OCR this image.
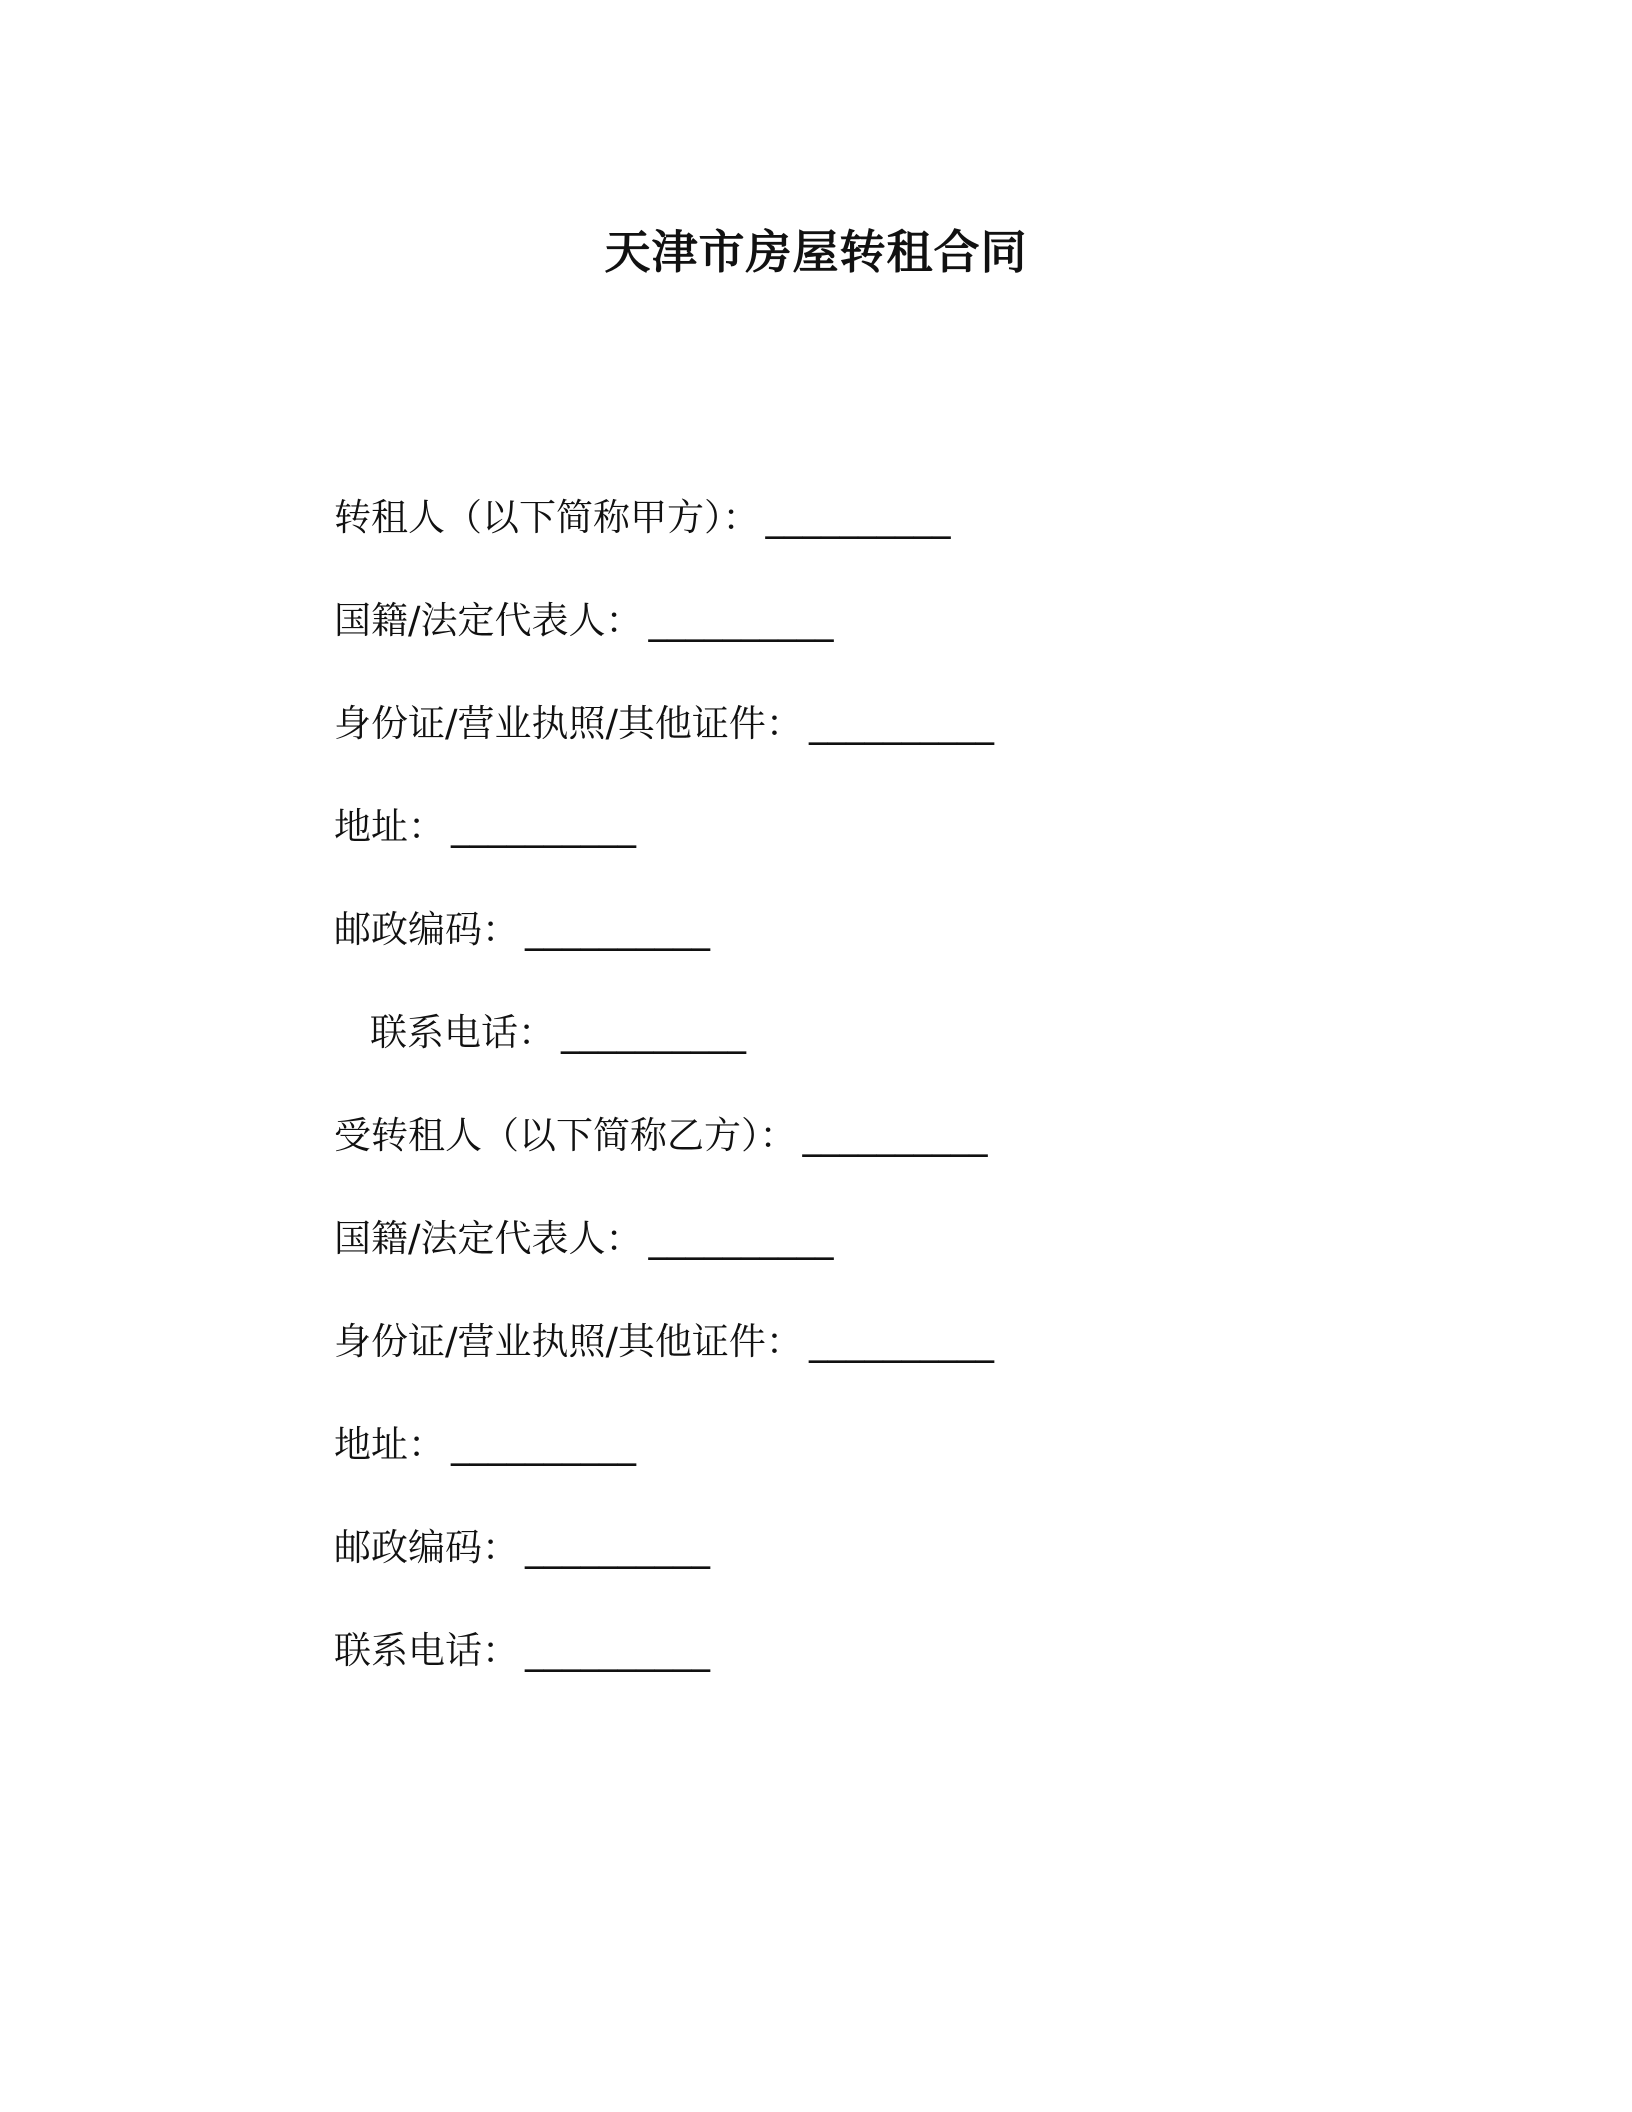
天津市房屋转租合同
转租人（以下简称甲方）： __________
国籍/法定代表人： __________
身份证/营业执照/其他证件： __________
地址： __________
邮政编码： __________
联系电话： __________
受转租人（以下简称乙方）： __________
国籍/法定代表人： __________
身份证/营业执照/其他证件： __________
地址： __________
邮政编码： __________
联系电话： __________
